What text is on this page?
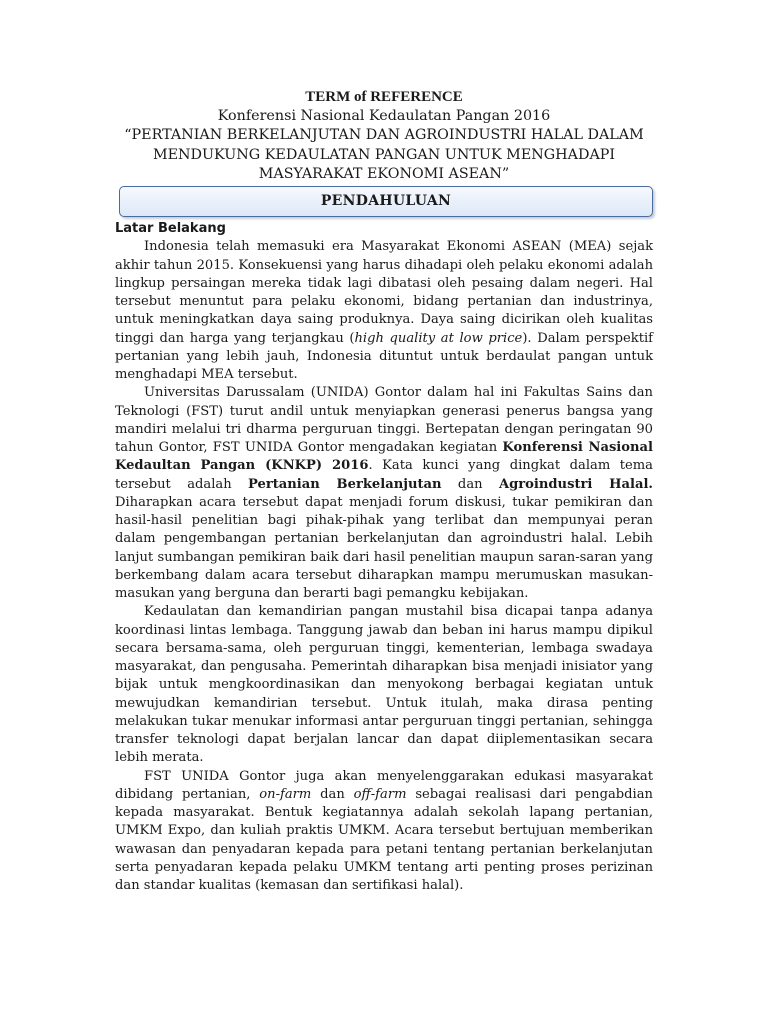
TERM of REFERENCE
Konferensi Nasional Kedaulatan Pangan 2016
“PERTANIAN BERKELANJUTAN DAN AGROINDUSTRI HALAL DALAM
MENDUKUNG KEDAULATAN PANGAN UNTUK MENGHADAPI
MASYARAKAT EKONOMI ASEAN”
PENDAHULUAN
Latar Belakang

Indonesia telah memasuki era Masyarakat Ekonomi ASEAN (MEA) sejak akhir tahun 2015. Konsekuensi yang harus dihadapi oleh pelaku ekonomi adalah lingkup persaingan mereka tidak lagi dibatasi oleh pesaing dalam negeri. Hal tersebut menuntut para pelaku ekonomi, bidang pertanian dan industrinya, untuk meningkatkan daya saing produknya. Daya saing dicirikan oleh kualitas tinggi dan harga yang terjangkau (high quality at low price). Dalam perspektif pertanian yang lebih jauh, Indonesia dituntut untuk berdaulat pangan untuk menghadapi MEA tersebut.

Universitas Darussalam (UNIDA) Gontor dalam hal ini Fakultas Sains dan Teknologi (FST) turut andil untuk menyiapkan generasi penerus bangsa yang mandiri melalui tri dharma perguruan tinggi. Bertepatan dengan peringatan 90 tahun Gontor, FST UNIDA Gontor mengadakan kegiatan Konferensi Nasional Kedaultan Pangan (KNKP) 2016. Kata kunci yang dingkat dalam tema tersebut adalah Pertanian Berkelanjutan dan Agroindustri Halal. Diharapkan acara tersebut dapat menjadi forum diskusi, tukar pemikiran dan hasil-hasil penelitian bagi pihak-pihak yang terlibat dan mempunyai peran dalam pengembangan pertanian berkelanjutan dan agroindustri halal. Lebih lanjut sumbangan pemikiran baik dari hasil penelitian maupun saran-saran yang berkembang dalam acara tersebut diharapkan mampu merumuskan masukan-masukan yang berguna dan berarti bagi pemangku kebijakan.

Kedaulatan dan kemandirian pangan mustahil bisa dicapai tanpa adanya koordinasi lintas lembaga. Tanggung jawab dan beban ini harus mampu dipikul secara bersama-sama, oleh perguruan tinggi, kementerian, lembaga swadaya masyarakat, dan pengusaha. Pemerintah diharapkan bisa menjadi inisiator yang bijak untuk mengkoordinasikan dan menyokong berbagai kegiatan untuk mewujudkan kemandirian tersebut. Untuk itulah, maka dirasa penting melakukan tukar menukar informasi antar perguruan tinggi pertanian, sehingga transfer teknologi dapat berjalan lancar dan dapat diiplementasikan secara lebih merata.

FST UNIDA Gontor juga akan menyelenggarakan edukasi masyarakat dibidang pertanian, on-farm dan off-farm sebagai realisasi dari pengabdian kepada masyarakat. Bentuk kegiatannya adalah sekolah lapang pertanian, UMKM Expo, dan kuliah praktis UMKM. Acara tersebut bertujuan memberikan wawasan dan penyadaran kepada para petani tentang pertanian berkelanjutan serta penyadaran kepada pelaku UMKM tentang arti penting proses perizinan dan standar kualitas (kemasan dan sertifikasi halal).
